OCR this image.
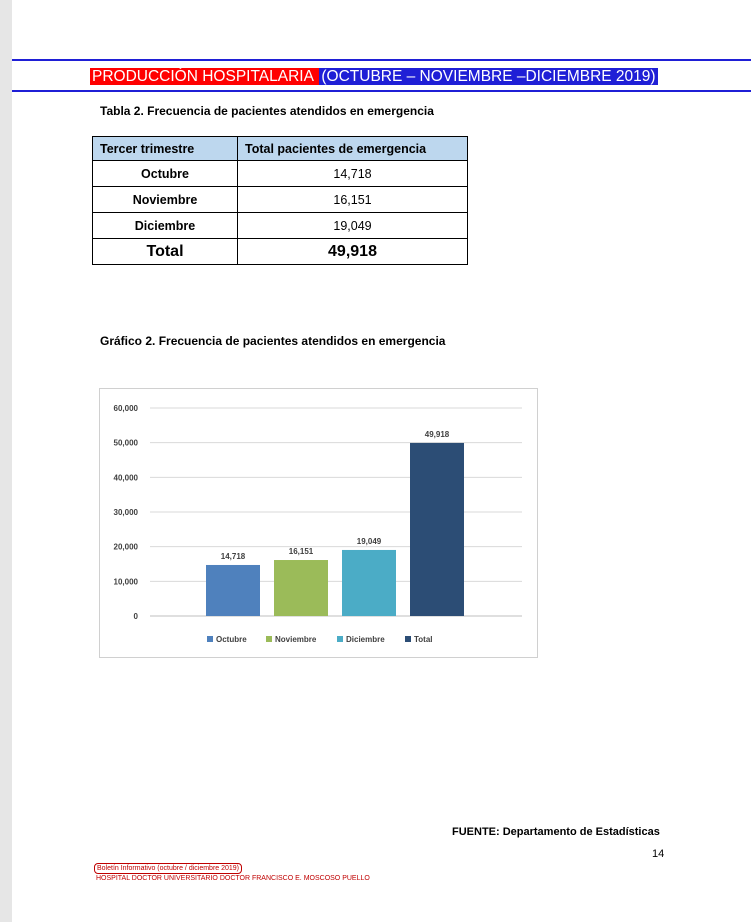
PRODUCCIÓN HOSPITALARIA (OCTUBRE – NOVIEMBRE –DICIEMBRE 2019)
Tabla 2. Frecuencia de pacientes atendidos en emergencia
Tercer trimestre	Total pacientes de emergencia
Octubre	14,718
Noviembre	16,151
Diciembre	19,049
Total	49,918
Gráfico 2. Frecuencia de pacientes atendidos en emergencia
0
10,000
20,000
30,000
40,000
50,000
60,000
14,718
16,151
19,049
49,918
Octubre	Noviembre	Diciembre	Total
FUENTE: Departamento de Estadísticas
14
Boletín Informativo (octubre / diciembre 2019)
HOSPITAL DOCTOR UNIVERSITARIO DOCTOR FRANCISCO E. MOSCOSO PUELLO
